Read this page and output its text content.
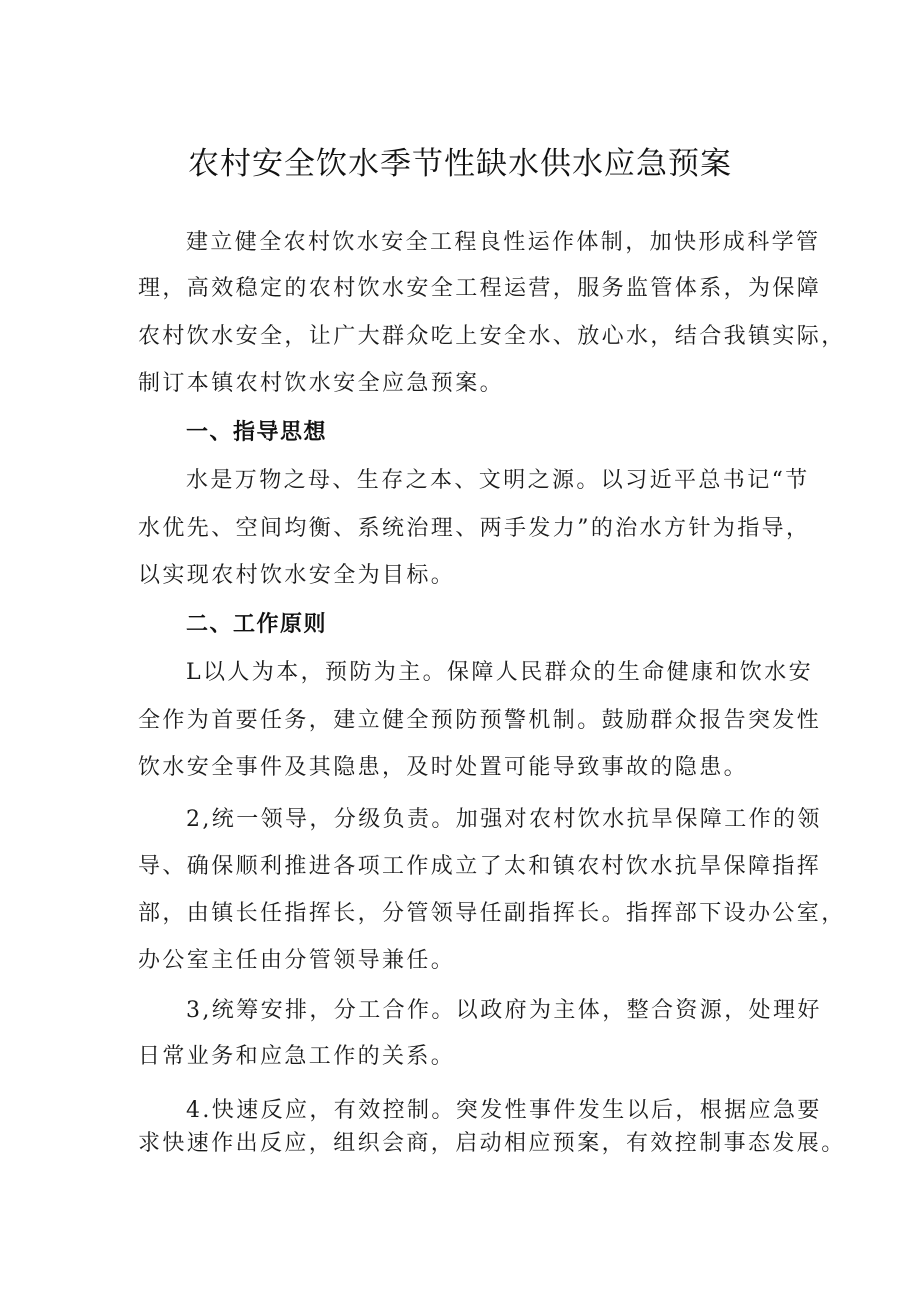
农村安全饮水季节性缺水供水应急预案
建立健全农村饮水安全工程良性运作体制，加快形成科学管
理，高效稳定的农村饮水安全工程运营，服务监管体系，为保障
农村饮水安全，让广大群众吃上安全水、放心水，结合我镇实际，
制订本镇农村饮水安全应急预案。
一、指导思想
水是万物之母、生存之本、文明之源。以习近平总书记“节
水优先、空间均衡、系统治理、两手发力”的治水方针为指导，
以实现农村饮水安全为目标。
二、工作原则
L以人为本，预防为主。保障人民群众的生命健康和饮水安
全作为首要任务，建立健全预防预警机制。鼓励群众报告突发性
饮水安全事件及其隐患，及时处置可能导致事故的隐患。
2,统一领导，分级负责。加强对农村饮水抗旱保障工作的领
导、确保顺利推进各项工作成立了太和镇农村饮水抗旱保障指挥
部，由镇长任指挥长，分管领导任副指挥长。指挥部下设办公室，
办公室主任由分管领导兼任。
3,统筹安排，分工合作。以政府为主体，整合资源，处理好
日常业务和应急工作的关系。
4.快速反应，有效控制。突发性事件发生以后，根据应急要
求快速作出反应，组织会商，启动相应预案，有效控制事态发展。
